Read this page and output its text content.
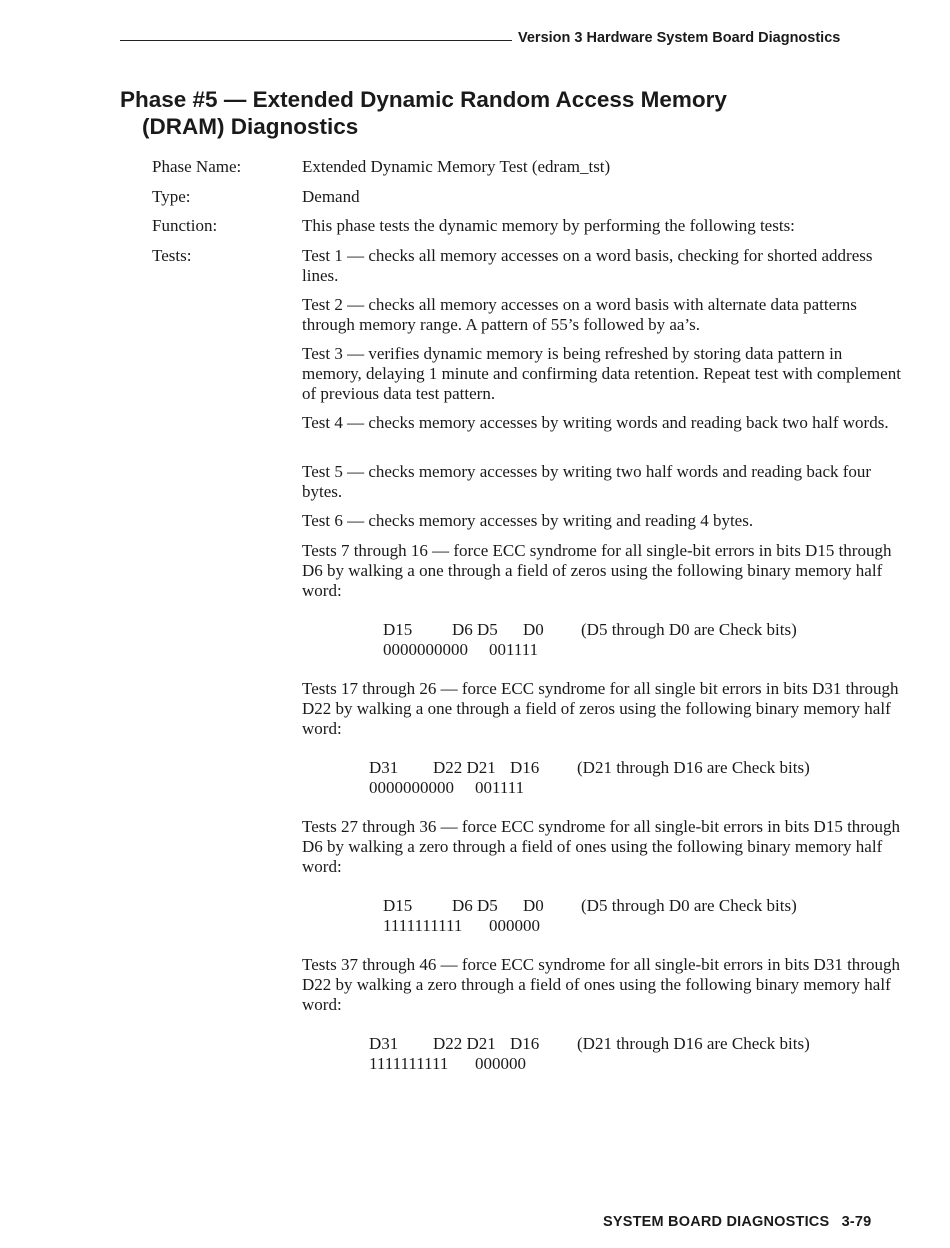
Version 3 Hardware System Board Diagnostics
Phase #5 — Extended Dynamic Random Access Memory
(DRAM) Diagnostics
Phase Name:
Type:
Function:
Tests:
Extended Dynamic Memory Test (edram_tst)
Demand
This phase tests the dynamic memory by performing the following tests:
Test 1 — checks all memory accesses on a word basis, checking for shorted address lines.
Test 2 — checks all memory accesses on a word basis with alternate data patterns through memory range. A pattern of 55’s followed by aa’s.
Test 3 — verifies dynamic memory is being refreshed by storing data pattern in memory, delaying 1 minute and confirming data retention. Repeat test with complement of previous data test pattern.
Test 4 — checks memory accesses by writing words and reading back two half words.
Test 5 — checks memory accesses by writing two half words and reading back four bytes.
Test 6 — checks memory accesses by writing and reading 4 bytes.
Tests 7 through 16 — force ECC syndrome for all single-bit errors in bits D15 through D6 by walking a one through a field of zeros using the following binary memory half word:
D15 D6 D5 D0 (D5 through D0 are Check bits)
0000000000 001111
Tests 17 through 26 — force ECC syndrome for all single bit errors in bits D31 through D22 by walking a one through a field of zeros using the following binary memory half word:
D31 D22 D21 D16 (D21 through D16 are Check bits)
0000000000 001111
Tests 27 through 36 — force ECC syndrome for all single-bit errors in bits D15 through D6 by walking a zero through a field of ones using the following binary memory half word:
D15 D6 D5 D0 (D5 through D0 are Check bits)
1111111111 000000
Tests 37 through 46 — force ECC syndrome for all single-bit errors in bits D31 through D22 by walking a zero through a field of ones using the following binary memory half word:
D31 D22 D21 D16 (D21 through D16 are Check bits)
1111111111 000000
SYSTEM BOARD DIAGNOSTICS 3-79
